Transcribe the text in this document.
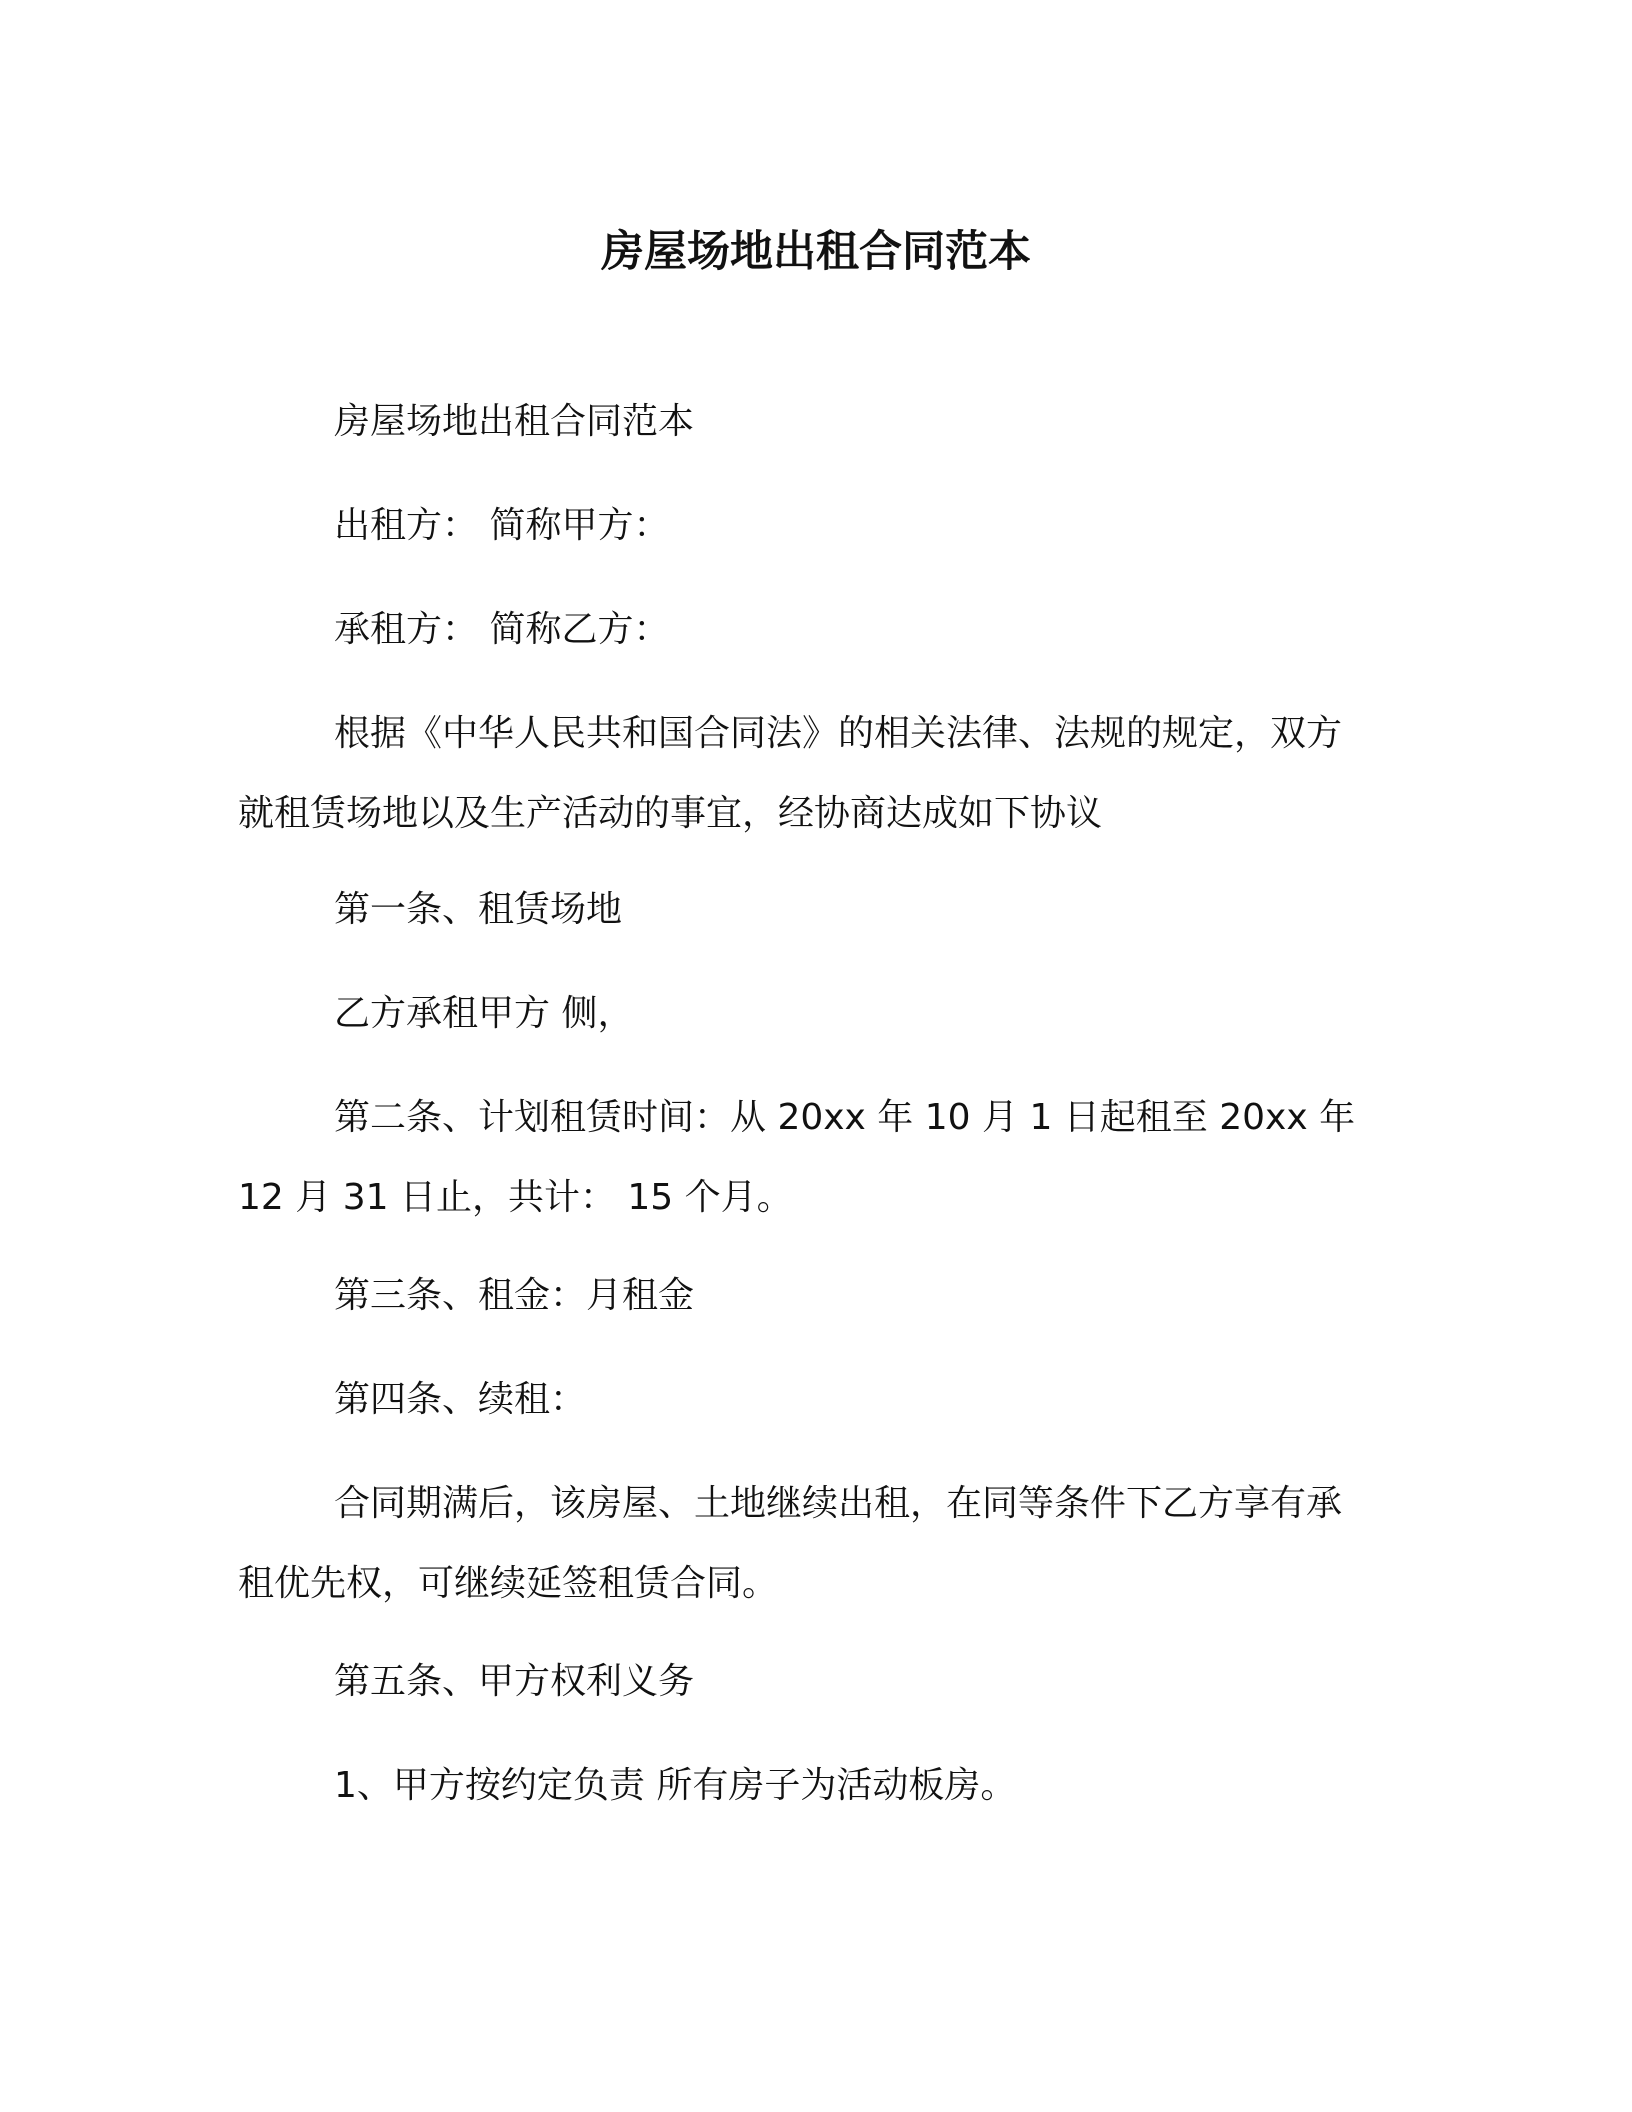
房屋场地出租合同范本

房屋场地出租合同范本

出租方： 简称甲方：

承租方： 简称乙方：

根据《中华人民共和国合同法》的相关法律、法规的规定，双方就租赁场地以及生产活动的事宜，经协商达成如下协议

第一条、租赁场地

乙方承租甲方 侧，

第二条、计划租赁时间：从 20xx 年 10 月 1 日起租至 20xx 年 12 月 31 日止，共计： 15 个月。

第三条、租金：月租金

第四条、续租：

合同期满后，该房屋、土地继续出租，在同等条件下乙方享有承租优先权，可继续延签租赁合同。

第五条、甲方权利义务

1、甲方按约定负责 所有房子为活动板房。
